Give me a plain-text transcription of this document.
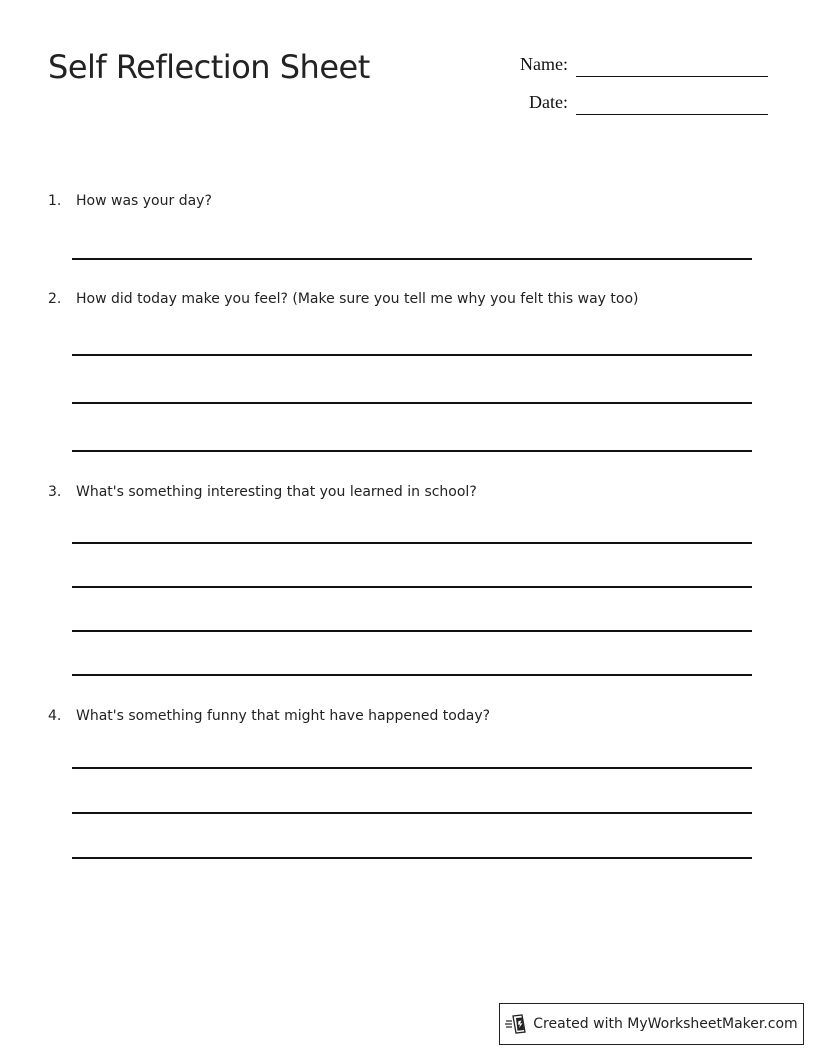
Self Reflection Sheet	Name:
Date:
1. How was your day?
2. How did today make you feel? (Make sure you tell me why you felt this way too)
3. What's something interesting that you learned in school?
4. What's something funny that might have happened today?
Created with MyWorksheetMaker.com
